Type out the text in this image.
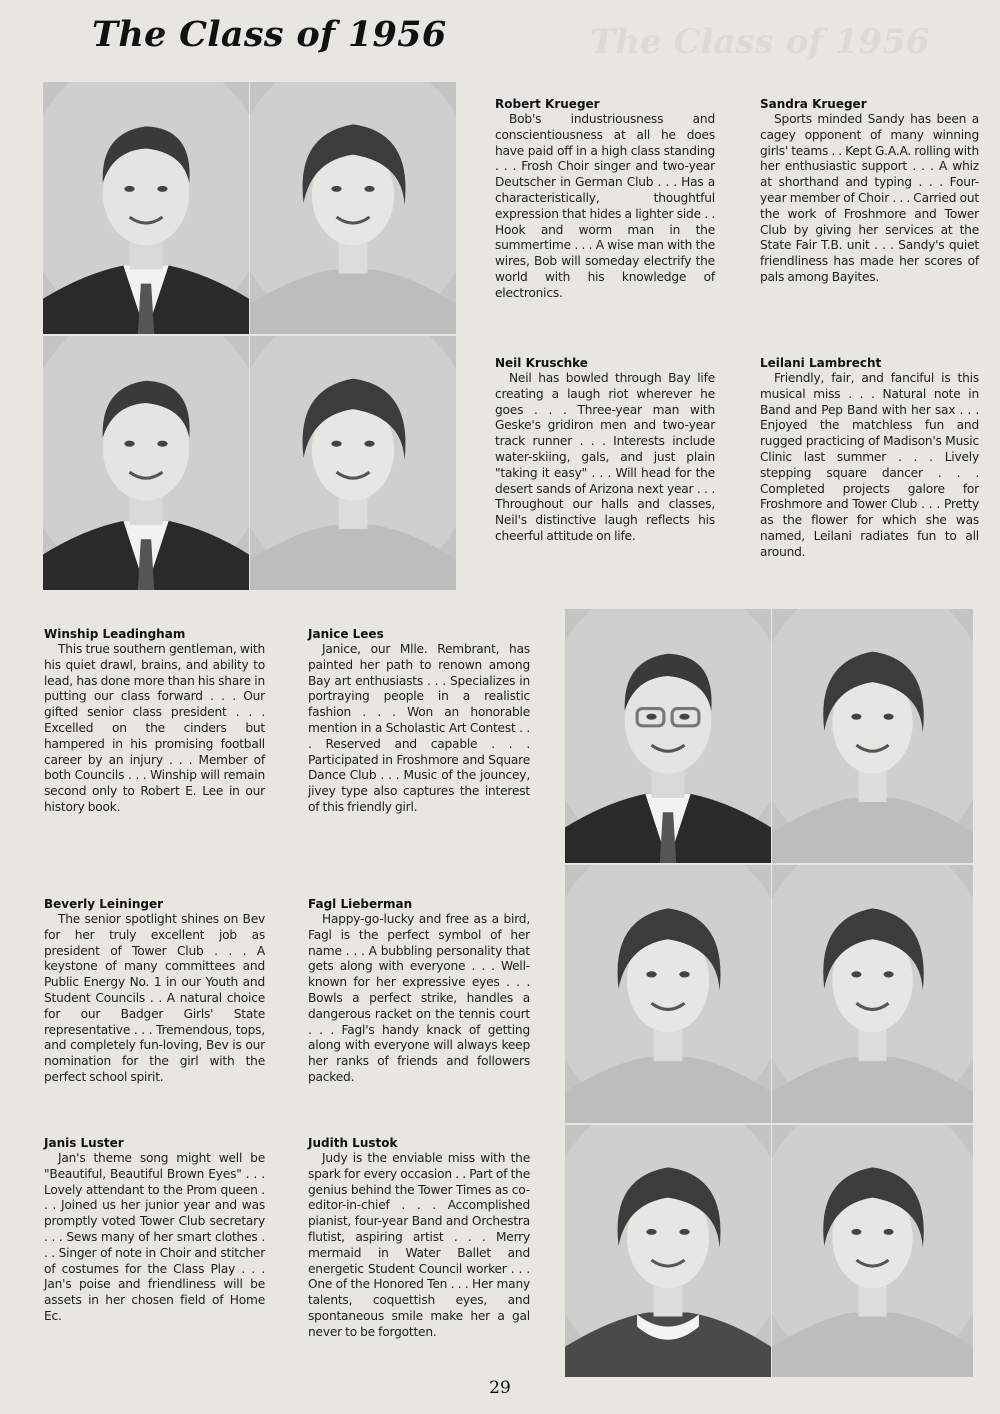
The Class of 1956
The Class of 1956
Robert Krueger

Bob's industriousness and conscientiousness at all he does have paid off in a high class standing . . . Frosh Choir singer and two-year Deutscher in German Club . . . Has a characteristically, thoughtful expression that hides a lighter side . . Hook and worm man in the summertime . . . A wise man with the wires, Bob will someday electrify the world with his knowledge of electronics.

Sandra Krueger

Sports minded Sandy has been a cagey opponent of many winning girls' teams . . Kept G.A.A. rolling with her enthusiastic support . . . A whiz at shorthand and typing . . . Four-year member of Choir . . . Carried out the work of Froshmore and Tower Club by giving her services at the State Fair T.B. unit . . . Sandy's quiet friendliness has made her scores of pals among Bayites.

Neil Kruschke

Neil has bowled through Bay life creating a laugh riot wherever he goes . . . Three-year man with Geske's gridiron men and two-year track runner . . . Interests include water-skiing, gals, and just plain "taking it easy" . . . Will head for the desert sands of Arizona next year . . . Throughout our halls and classes, Neil's distinctive laugh reflects his cheerful attitude on life.

Leilani Lambrecht

Friendly, fair, and fanciful is this musical miss . . . Natural note in Band and Pep Band with her sax . . . Enjoyed the matchless fun and rugged practicing of Madison's Music Clinic last summer . . . Lively stepping square dancer . . . Completed projects galore for Froshmore and Tower Club . . . Pretty as the flower for which she was named, Leilani radiates fun to all around.

Winship Leadingham

This true southern gentleman, with his quiet drawl, brains, and ability to lead, has done more than his share in putting our class forward . . . Our gifted senior class president . . . Excelled on the cinders but hampered in his promising football career by an injury . . . Member of both Councils . . . Winship will remain second only to Robert E. Lee in our history book.

Janice Lees

Janice, our Mlle. Rembrant, has painted her path to renown among Bay art enthusiasts . . . Specializes in portraying people in a realistic fashion . . . Won an honorable mention in a Scholastic Art Contest . . . Reserved and capable . . . Participated in Froshmore and Square Dance Club . . . Music of the jouncey, jivey type also captures the interest of this friendly girl.

Beverly Leininger

The senior spotlight shines on Bev for her truly excellent job as president of Tower Club . . . A keystone of many committees and Public Energy No. 1 in our Youth and Student Councils . . A natural choice for our Badger Girls' State representative . . . Tremendous, tops, and completely fun-loving, Bev is our nomination for the girl with the perfect school spirit.

Fagl Lieberman

Happy-go-lucky and free as a bird, Fagl is the perfect symbol of her name . . . A bubbling personality that gets along with everyone . . . Well-known for her expressive eyes . . . Bowls a perfect strike, handles a dangerous racket on the tennis court . . . Fagl's handy knack of getting along with everyone will always keep her ranks of friends and followers packed.

Janis Luster

Jan's theme song might well be "Beautiful, Beautiful Brown Eyes" . . . Lovely attendant to the Prom queen . . . Joined us her junior year and was promptly voted Tower Club secretary . . . Sews many of her smart clothes . . . Singer of note in Choir and stitcher of costumes for the Class Play . . . Jan's poise and friendliness will be assets in her chosen field of Home Ec.

Judith Lustok

Judy is the enviable miss with the spark for every occasion . . Part of the genius behind the Tower Times as co-editor-in-chief . . . Accomplished pianist, four-year Band and Orchestra flutist, aspiring artist . . . Merry mermaid in Water Ballet and energetic Student Council worker . . . One of the Honored Ten . . . Her many talents, coquettish eyes, and spontaneous smile make her a gal never to be forgotten.

29
